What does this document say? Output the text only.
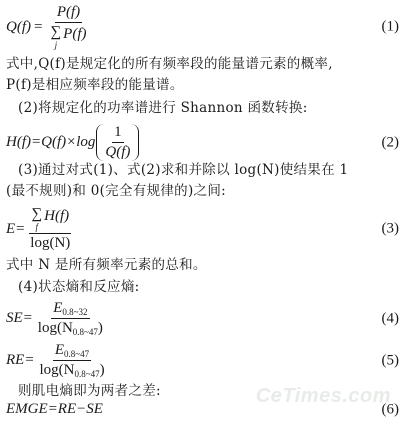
Q(f) = P(f)
∑
j
P(f)	(1)
式中,Q(f)是规定化的所有频率段的能量谱元素的概率,
P(f)是相应频率段的能量谱。
(2)将规定化的功率谱进行 Shannon 函数转换:
$H(f)=Q(f)\times\log \frac{1}{Q(f)}$	(2)
(3)通过对式(1)、式(2)求和并除以 log(N)使结果在 1
(最不规则)和 0(完全有规律的)之间:
E= ∑
f
H(f)
log(N)	(3)
式中 N 是所有频率元素的总和。
(4)状态熵和反应熵:
$SE= \frac{E_{0.8\sim 32}}{\log(N_{0.8\sim 47})}$	(4)
$RE= \frac{E_{0.8\sim 47}}{\log(N_{0.8\sim 47})}$	(5)
则肌电熵即为两者之差:
EMGE=RE−SE	(6)
CeTimes.com
